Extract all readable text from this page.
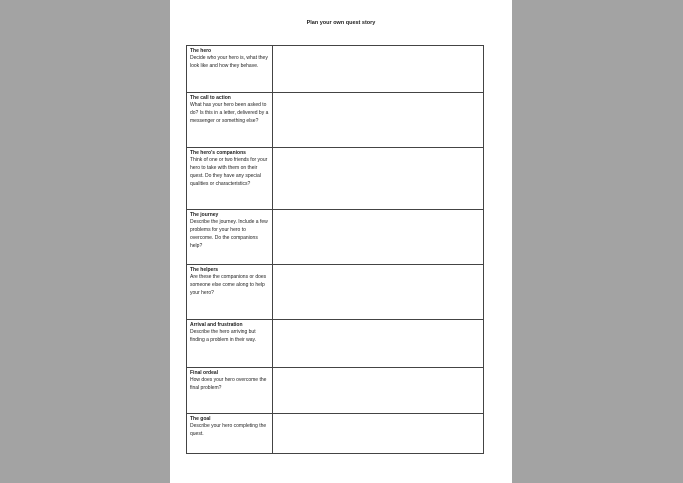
Plan your own quest story
The hero
Decide who your hero is, what they look like and how they behave.	

The call to action
What has your hero been asked to do? Is this in a letter, delivered by a messenger or something else?	

The hero's companions
Think of one or two friends for your hero to take with them on their quest. Do they have any special qualities or characteristics?	

The journey
Describe the journey. Include a few problems for your hero to overcome. Do the companions help?	

The helpers
Are these the companions or does someone else come along to help your hero?	

Arrival and frustration
Describe the hero arriving but finding a problem in their way.	

Final ordeal
How does your hero overcome the final problem?	

The goal
Describe your hero completing the quest.	
